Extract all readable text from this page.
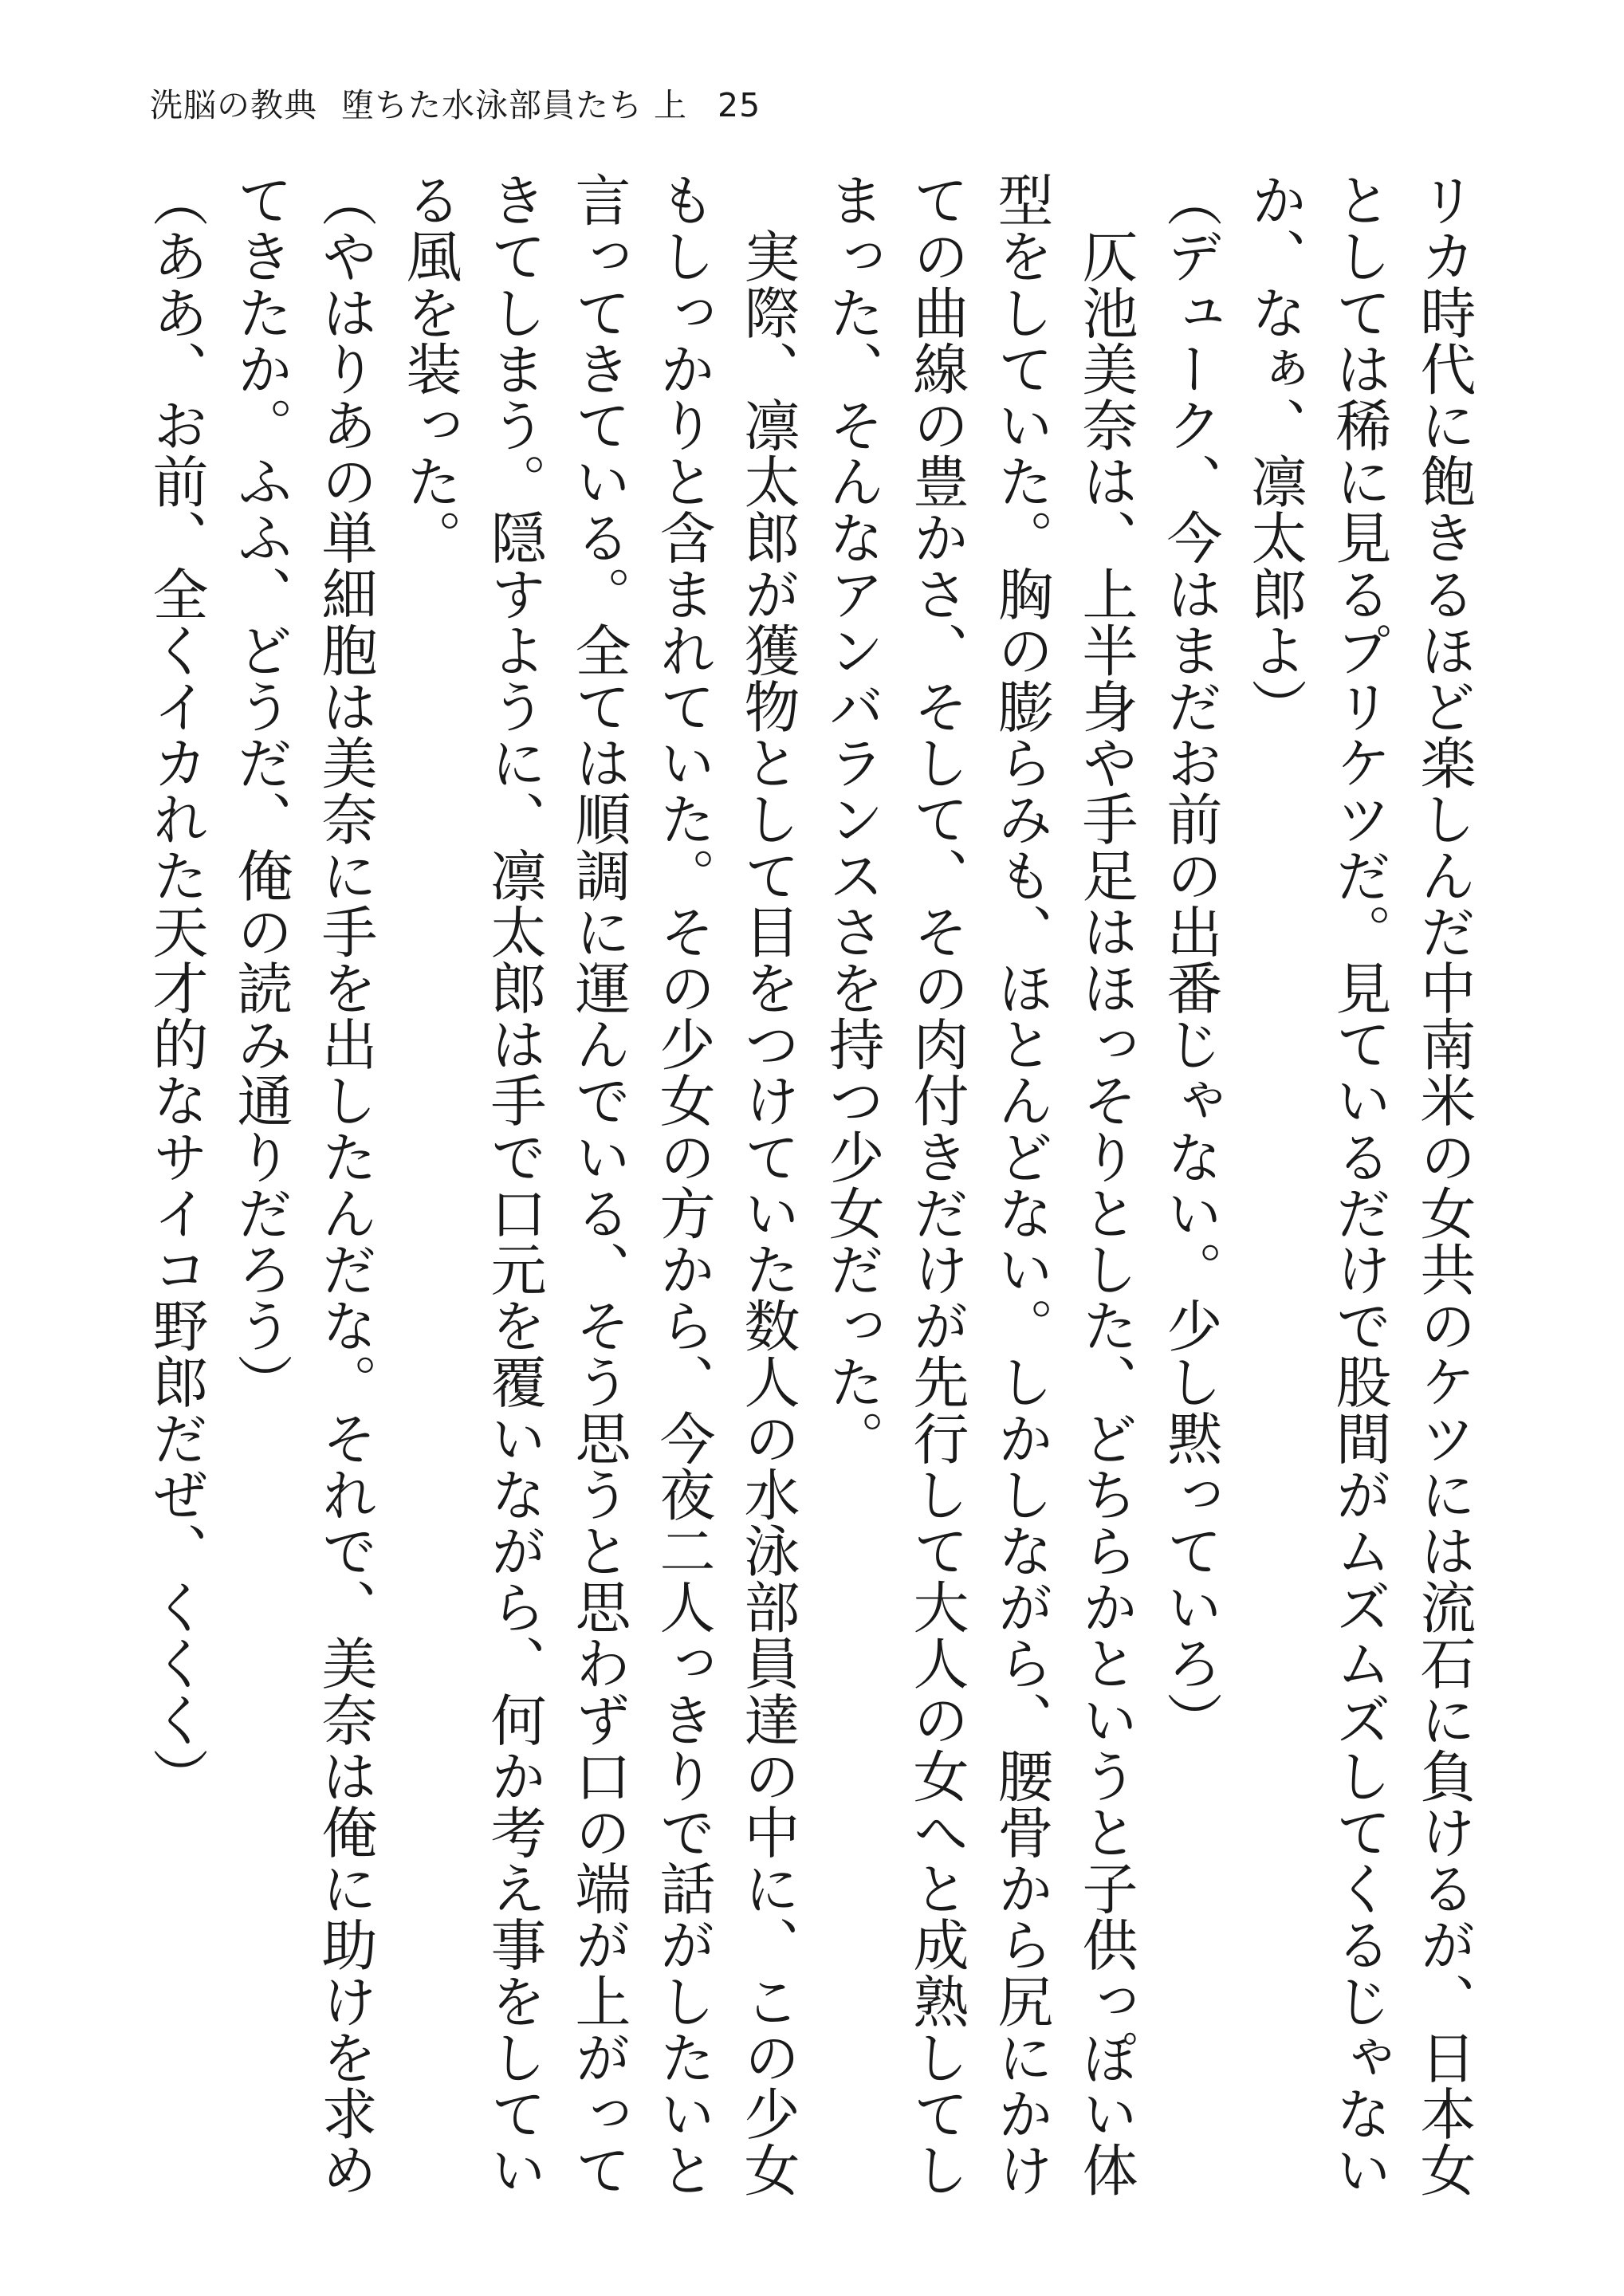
洗脳の教典 堕ちた水泳部員たち 上 25

リカ時代に飽きるほど楽しんだ中南米の女共のケツには流石に負けるが、日本女としては稀に見るプリケツだ。見ているだけで股間がムズムズしてくるじゃないか、なぁ、凛太郎よ）

（デューク、今はまだお前の出番じゃない。少し黙っていろ）

　仄池美奈は、上半身や手足はほっそりとした、どちらかというと子供っぽい体型をしていた。胸の膨らみも、ほとんどない。しかしながら、腰骨から尻にかけての曲線の豊かさ、そして、その肉付きだけが先行して大人の女へと成熟してしまった、そんなアンバランスさを持つ少女だった。

　実際、凛太郎が獲物として目をつけていた数人の水泳部員達の中に、この少女もしっかりと含まれていた。その少女の方から、今夜二人っきりで話がしたいと言ってきている。全ては順調に運んでいる、そう思うと思わず口の端が上がってきてしまう。隠すように、凛太郎は手で口元を覆いながら、何か考え事をしている風を装った。

（やはりあの単細胞は美奈に手を出したんだな。それで、美奈は俺に助けを求めてきたか。ふふ、どうだ、俺の読み通りだろう）

（ああ、お前、全くイカれた天才的なサイコ野郎だぜ、くくく）
